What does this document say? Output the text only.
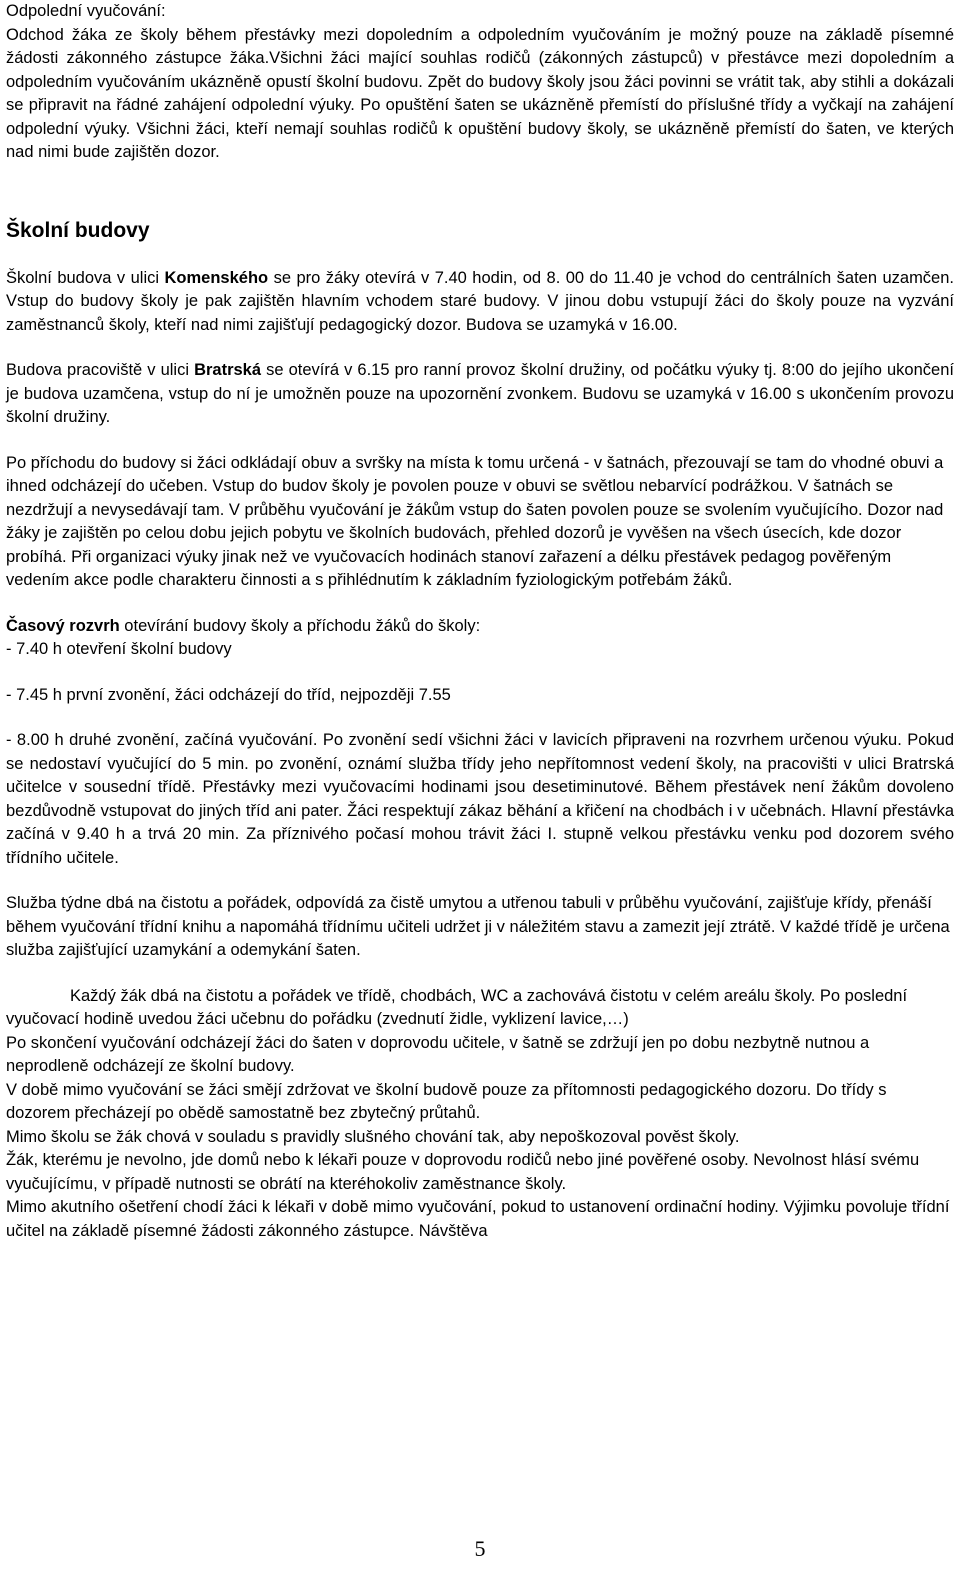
Odpolední vyučování:

Odchod žáka ze školy během přestávky mezi dopoledním a odpoledním vyučováním je možný pouze na základě písemné žádosti zákonného zástupce žáka.Všichni žáci mající souhlas rodičů (zákonných zástupců) v přestávce mezi dopoledním a odpoledním vyučováním ukázněně opustí školní budovu. Zpět do budovy školy jsou žáci povinni se vrátit tak, aby stihli a dokázali se připravit na řádné zahájení odpolední výuky. Po opuštění šaten se ukázněně přemístí do příslušné třídy a vyčkají na zahájení odpolední výuky. Všichni žáci, kteří nemají souhlas rodičů k opuštění budovy školy, se ukázněně přemístí do šaten, ve kterých nad nimi bude zajištěn dozor.

Školní budovy

Školní budova v ulici Komenského se pro žáky otevírá v 7.40 hodin, od 8. 00 do 11.40 je vchod do centrálních šaten uzamčen. Vstup do budovy školy je pak zajištěn hlavním vchodem staré budovy. V jinou dobu vstupují žáci do školy pouze na vyzvání zaměstnanců školy, kteří nad nimi zajišťují pedagogický dozor. Budova se uzamyká v 16.00.

Budova pracoviště v ulici Bratrská se otevírá v 6.15 pro ranní provoz školní družiny, od počátku výuky tj. 8:00 do jejího ukončení je budova uzamčena, vstup do ní je umožněn pouze na upozornění zvonkem. Budovu se uzamyká v 16.00 s ukončením provozu školní družiny.

Po příchodu do budovy si žáci odkládají obuv a svršky na místa k tomu určená - v šatnách, přezouvají se tam do vhodné obuvi a ihned odcházejí do učeben. Vstup do budov školy je povolen pouze v obuvi se světlou nebarvící podrážkou. V šatnách se nezdržují a nevysedávají tam. V průběhu vyučování je žákům vstup do šaten povolen pouze se svolením vyučujícího. Dozor nad žáky je zajištěn po celou dobu jejich pobytu ve školních budovách, přehled dozorů je vyvěšen na všech úsecích, kde dozor probíhá. Při organizaci výuky jinak než ve vyučovacích hodinách stanoví zařazení a délku přestávek pedagog pověřeným vedením akce podle charakteru činnosti a s přihlédnutím k základním fyziologickým potřebám žáků.

Časový rozvrh otevírání budovy školy a příchodu žáků do školy:

- 7.40 h otevření školní budovy

- 7.45 h první zvonění, žáci odcházejí do tříd, nejpozději 7.55

- 8.00 h druhé zvonění, začíná vyučování. Po zvonění sedí všichni žáci v lavicích připraveni na rozvrhem určenou výuku. Pokud se nedostaví vyučující do 5 min. po zvonění, oznámí služba třídy jeho nepřítomnost vedení školy, na pracovišti v ulici Bratrská učitelce v sousední třídě. Přestávky mezi vyučovacími hodinami jsou desetiminutové. Během přestávek není žákům dovoleno bezdůvodně vstupovat do jiných tříd ani pater. Žáci respektují zákaz běhání a křičení na chodbách i v učebnách. Hlavní přestávka začíná v 9.40 h a trvá 20 min. Za příznivého počasí mohou trávit žáci I. stupně velkou přestávku venku pod dozorem svého třídního učitele.

Služba týdne dbá na čistotu a pořádek, odpovídá za čistě umytou a utřenou tabuli v průběhu vyučování, zajišťuje křídy, přenáší během vyučování třídní knihu a napomáhá třídnímu učiteli udržet ji v náležitém stavu a zamezit její ztrátě. V každé třídě je určena služba zajišťující uzamykání a odemykání šaten.

Každý žák dbá na čistotu a pořádek ve třídě, chodbách, WC a zachovává čistotu v celém areálu školy. Po poslední vyučovací hodině uvedou žáci učebnu do pořádku (zvednutí židle, vyklizení lavice,…)

Po skončení vyučování odcházejí žáci do šaten v doprovodu učitele, v šatně se zdržují jen po dobu nezbytně nutnou a neprodleně odcházejí ze školní budovy.

V době mimo vyučování se žáci smějí zdržovat ve školní budově pouze za přítomnosti pedagogického dozoru. Do třídy s dozorem přecházejí po obědě samostatně bez zbytečný průtahů.

Mimo školu se žák chová v souladu s pravidly slušného chování tak, aby nepoškozoval pověst školy.

Žák, kterému je nevolno, jde domů nebo k lékaři pouze v doprovodu rodičů nebo jiné pověřené osoby. Nevolnost hlásí svému vyučujícímu, v případě nutnosti se obrátí na kteréhokoliv zaměstnance školy.

Mimo akutního ošetření chodí žáci k lékaři v době mimo vyučování, pokud to ustanovení ordinační hodiny. Výjimku povoluje třídní učitel na základě písemné žádosti zákonného zástupce. Návštěva

5
